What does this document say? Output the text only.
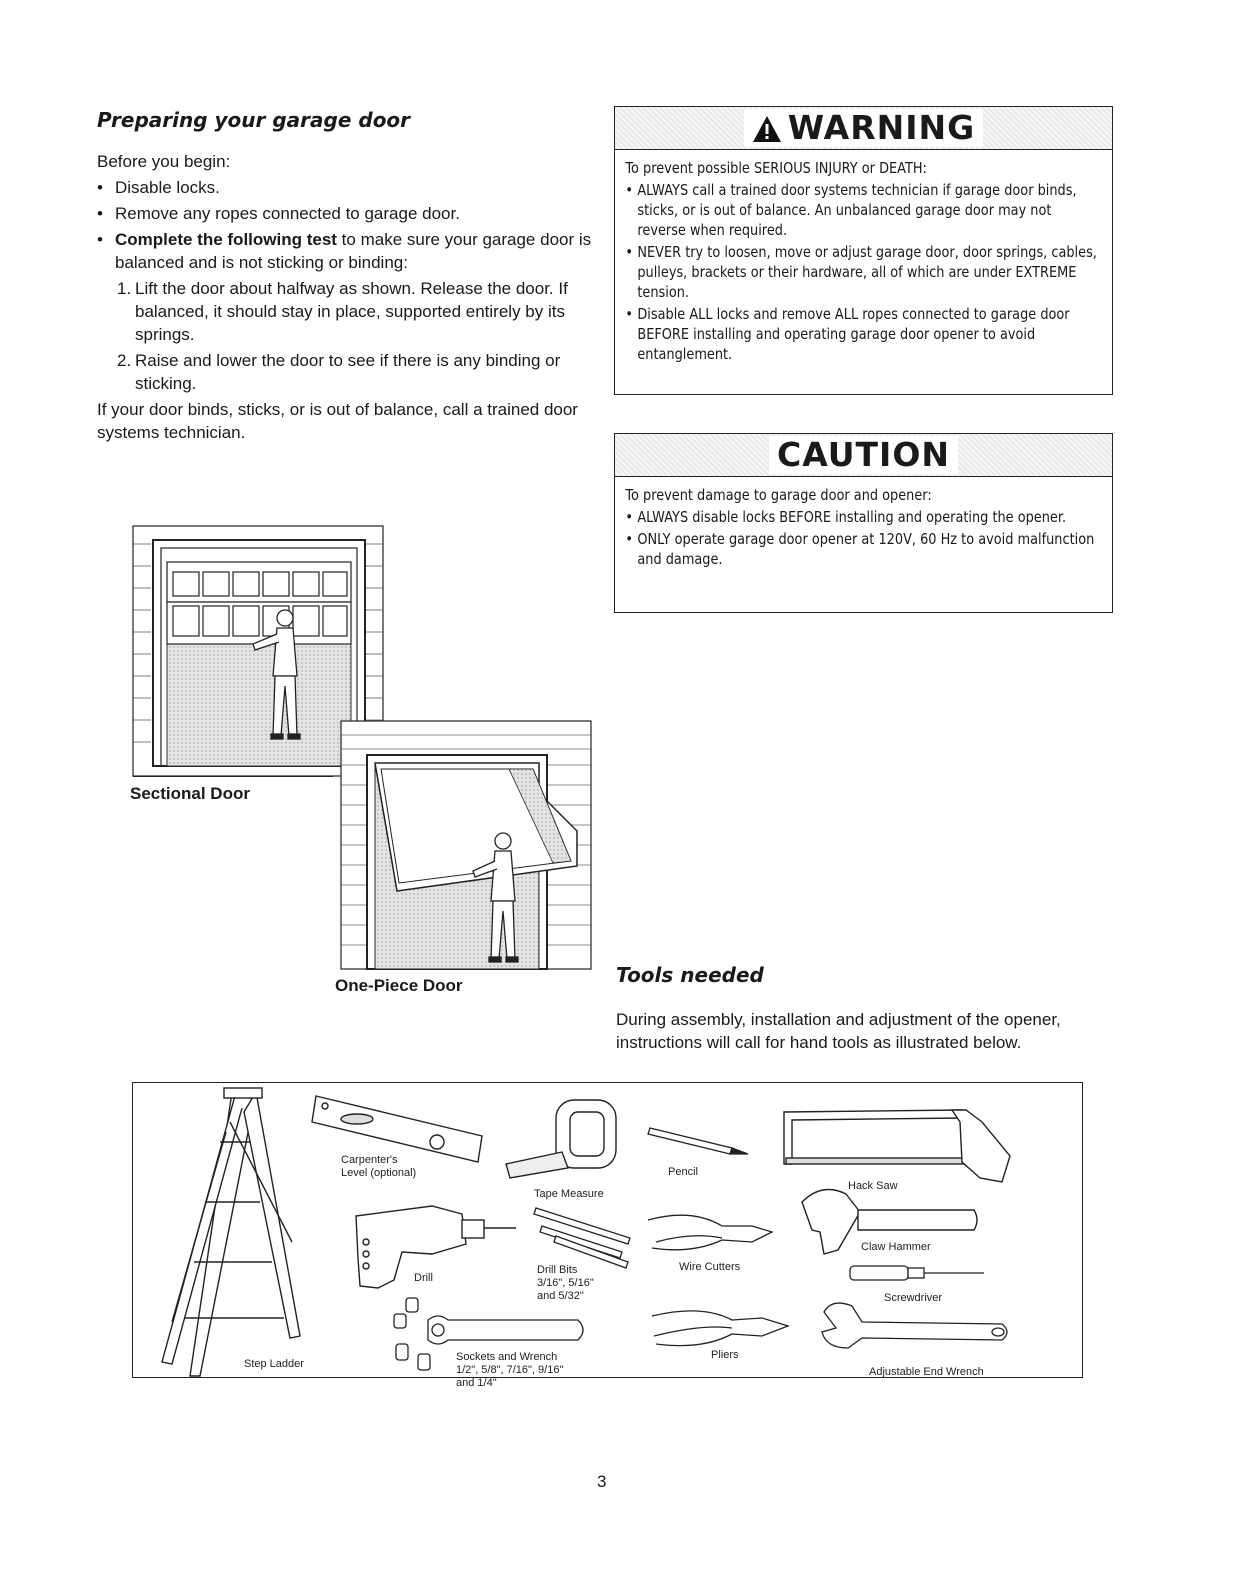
Preparing your garage door

Before you begin:

• Disable locks.
• Remove any ropes connected to garage door.
• Complete the following test to make sure your garage door is balanced and is not sticking or binding:
1. Lift the door about halfway as shown. Release the door. If balanced, it should stay in place, supported entirely by its springs.
2. Raise and lower the door to see if there is any binding or sticking.

If your door binds, sticks, or is out of balance, call a trained door systems technician.

WARNING

To prevent possible SERIOUS INJURY or DEATH:

• ALWAYS call a trained door systems technician if garage door binds, sticks, or is out of balance. An unbalanced garage door may not reverse when required.
• NEVER try to loosen, move or adjust garage door, door springs, cables, pulleys, brackets or their hardware, all of which are under EXTREME tension.
• Disable ALL locks and remove ALL ropes connected to garage door BEFORE installing and operating garage door opener to avoid entanglement.
CAUTION

To prevent damage to garage door and opener:

• ALWAYS disable locks BEFORE installing and operating the opener.
• ONLY operate garage door opener at 120V, 60 Hz to avoid malfunction and damage.
Sectional Door
One-Piece Door	Tools needed
During assembly, installation and adjustment of the opener, instructions will call for hand tools as illustrated below.
Carpenter's
Level (optional)
Tape Measure
Pencil
Hack Saw
Claw Hammer
Screwdriver
Adjustable End Wrench
Step Ladder
Drill
Drill Bits
3/16", 5/16"
and 5/32"
Wire Cutters
Pliers
Sockets and Wrench
1/2", 5/8", 7/16", 9/16"
and 1/4"
3
